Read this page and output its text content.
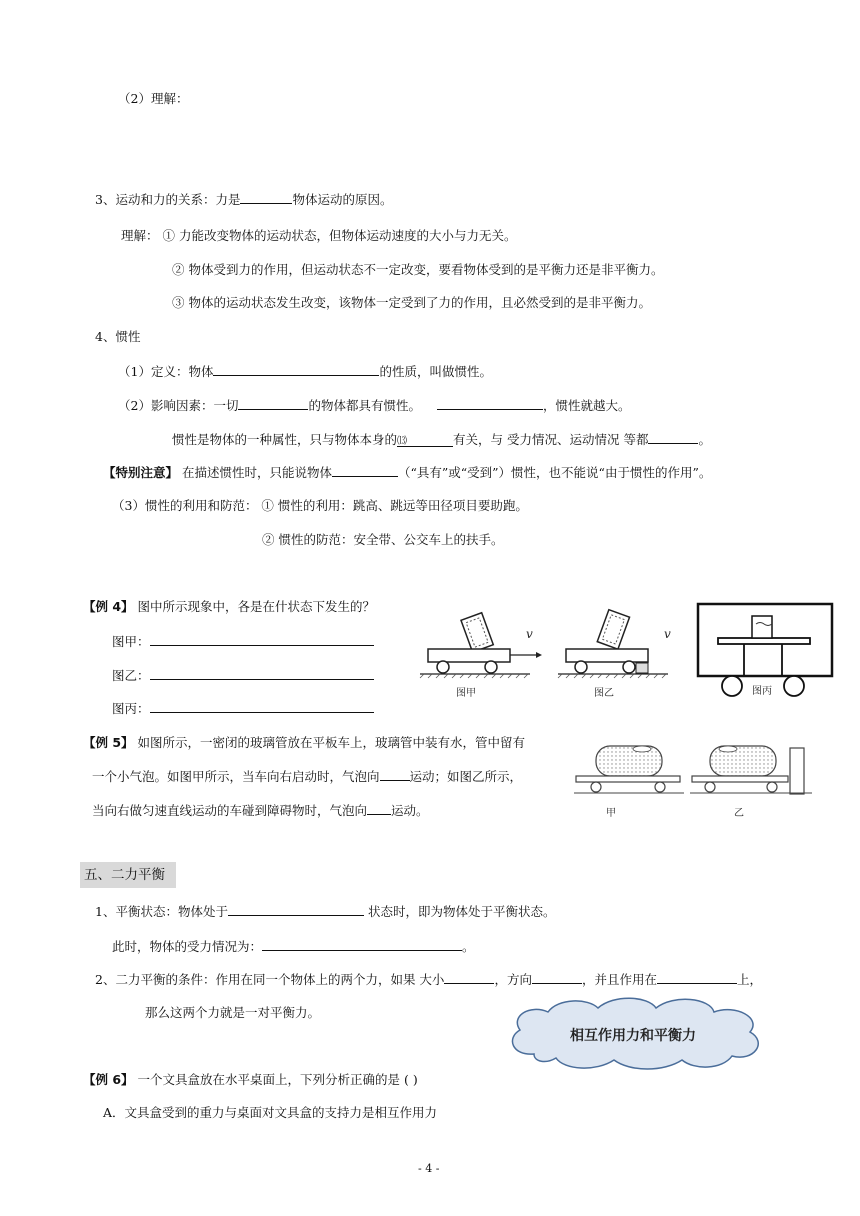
（2）理解：
3、运动和力的关系：力是	物体运动的原因。
理解： ① 力能改变物体的运动状态，但物体运动速度的大小与力无关。
② 物体受到力的作用，但运动状态不一定改变，要看物体受到的是平衡力还是非平衡力。
③ 物体的运动状态发生改变，该物体一定受到了力的作用，且必然受到的是非平衡力。
4、惯性
（1）定义：物体	的性质，叫做惯性。
（2）影响因素：一切	的物体都具有惯性。	，惯性就越大。
惯性是物体的一种属性，只与物体本身的⒀	有关，与 受力情况、运动情况 等都	。
【特别注意】 在描述惯性时，只能说物体	（“具有”或“受到”）惯性，也不能说“由于惯性的作用”。
（3）惯性的利用和防范： ① 惯性的利用：跳高、跳远等田径项目要助跑。
② 惯性的防范：安全带、公交车上的扶手。
【例 4】 图中所示现象中，各是在什状态下发生的？
图甲：
图乙：
图丙：
v
图甲
v
图乙	图丙
【例 5】 如图所示，一密闭的玻璃管放在平板车上，玻璃管中装有水，管中留有
一个小气泡。如图甲所示，当车向右启动时，气泡向 运动；如图乙所示，
当向右做匀速直线运动的车碰到障碍物时，气泡向 运动。	甲	乙
五、二力平衡
1、平衡状态：物体处于	状态时，即为物体处于平衡状态。
此时，物体的受力情况为：	。
2、二力平衡的条件：作用在同一个物体上的两个力，如果 大小	，方向	，并且作用在	上，
那么这两个力就是一对平衡力。
相互作用力和平衡力
【例 6】 一个文具盒放在水平桌面上，下列分析正确的是 ( )
A．文具盒受到的重力与桌面对文具盒的支持力是相互作用力
- 4 -
